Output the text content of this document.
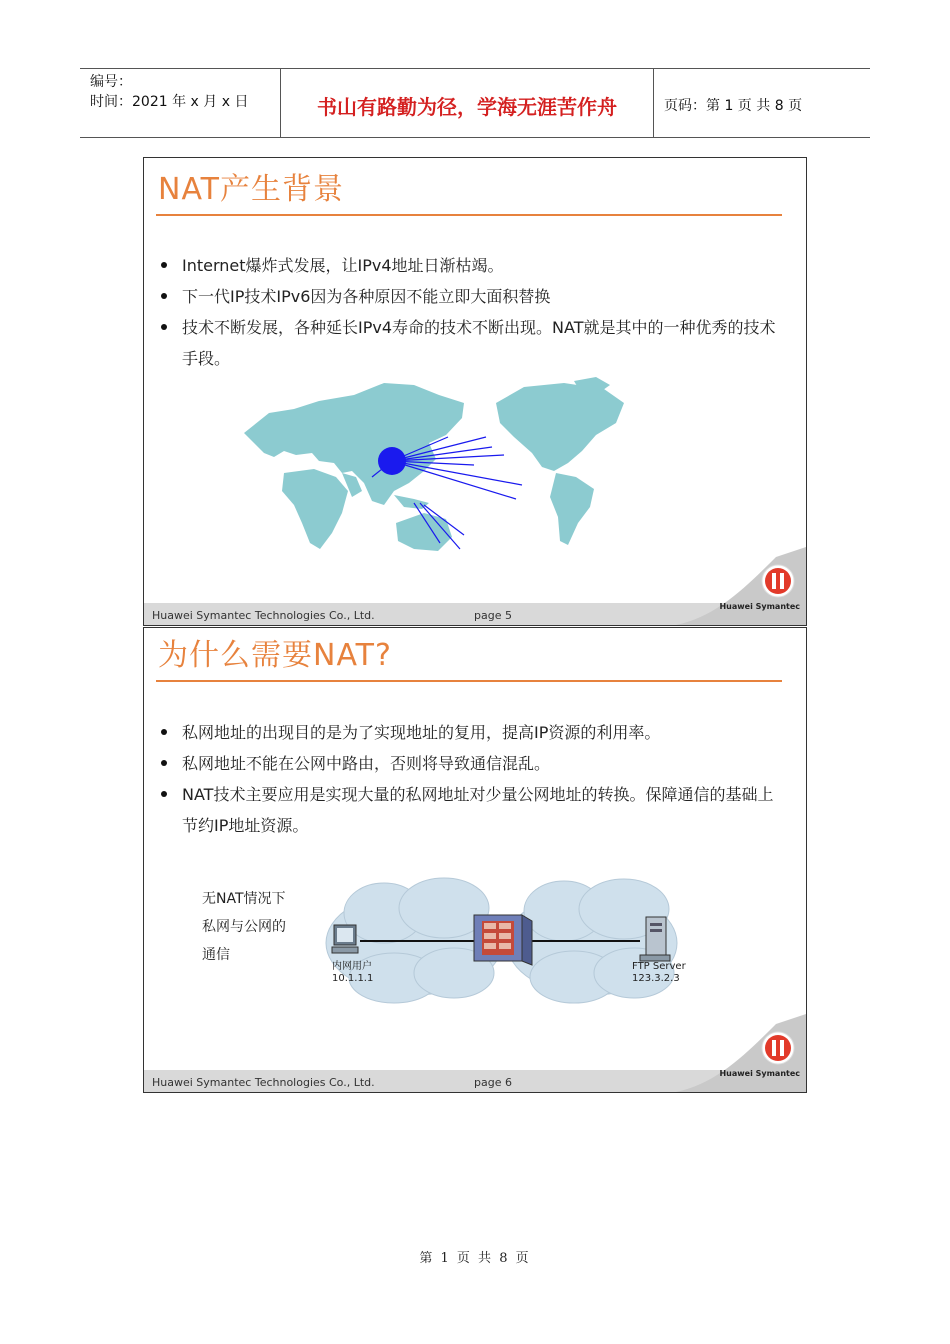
编号：
时间：2021 年 x 月 x 日	书山有路勤为径，学海无涯苦作舟	页码：第 1 页 共 8 页
NAT产生背景
Internet爆炸式发展，让IPv4地址日渐枯竭。
下一代IP技术IPv6因为各种原因不能立即大面积替换
技术不断发展，各种延长IPv4寿命的技术不断出现。NAT就是其中的一种优秀的技术手段。
Huawei Symantec
Huawei Symantec Technologies Co., Ltd.	page 5
为什么需要NAT?
私网地址的出现目的是为了实现地址的复用，提高IP资源的利用率。
私网地址不能在公网中路由，否则将导致通信混乱。
NAT技术主要应用是实现大量的私网地址对少量公网地址的转换。保障通信的基础上节约IP地址资源。
无NAT情况下私网与公网的通信
内网用户
10.1.1.1
FTP Server
123.3.2.3
Huawei Symantec
Huawei Symantec Technologies Co., Ltd.	page 6
第 1 页 共 8 页
